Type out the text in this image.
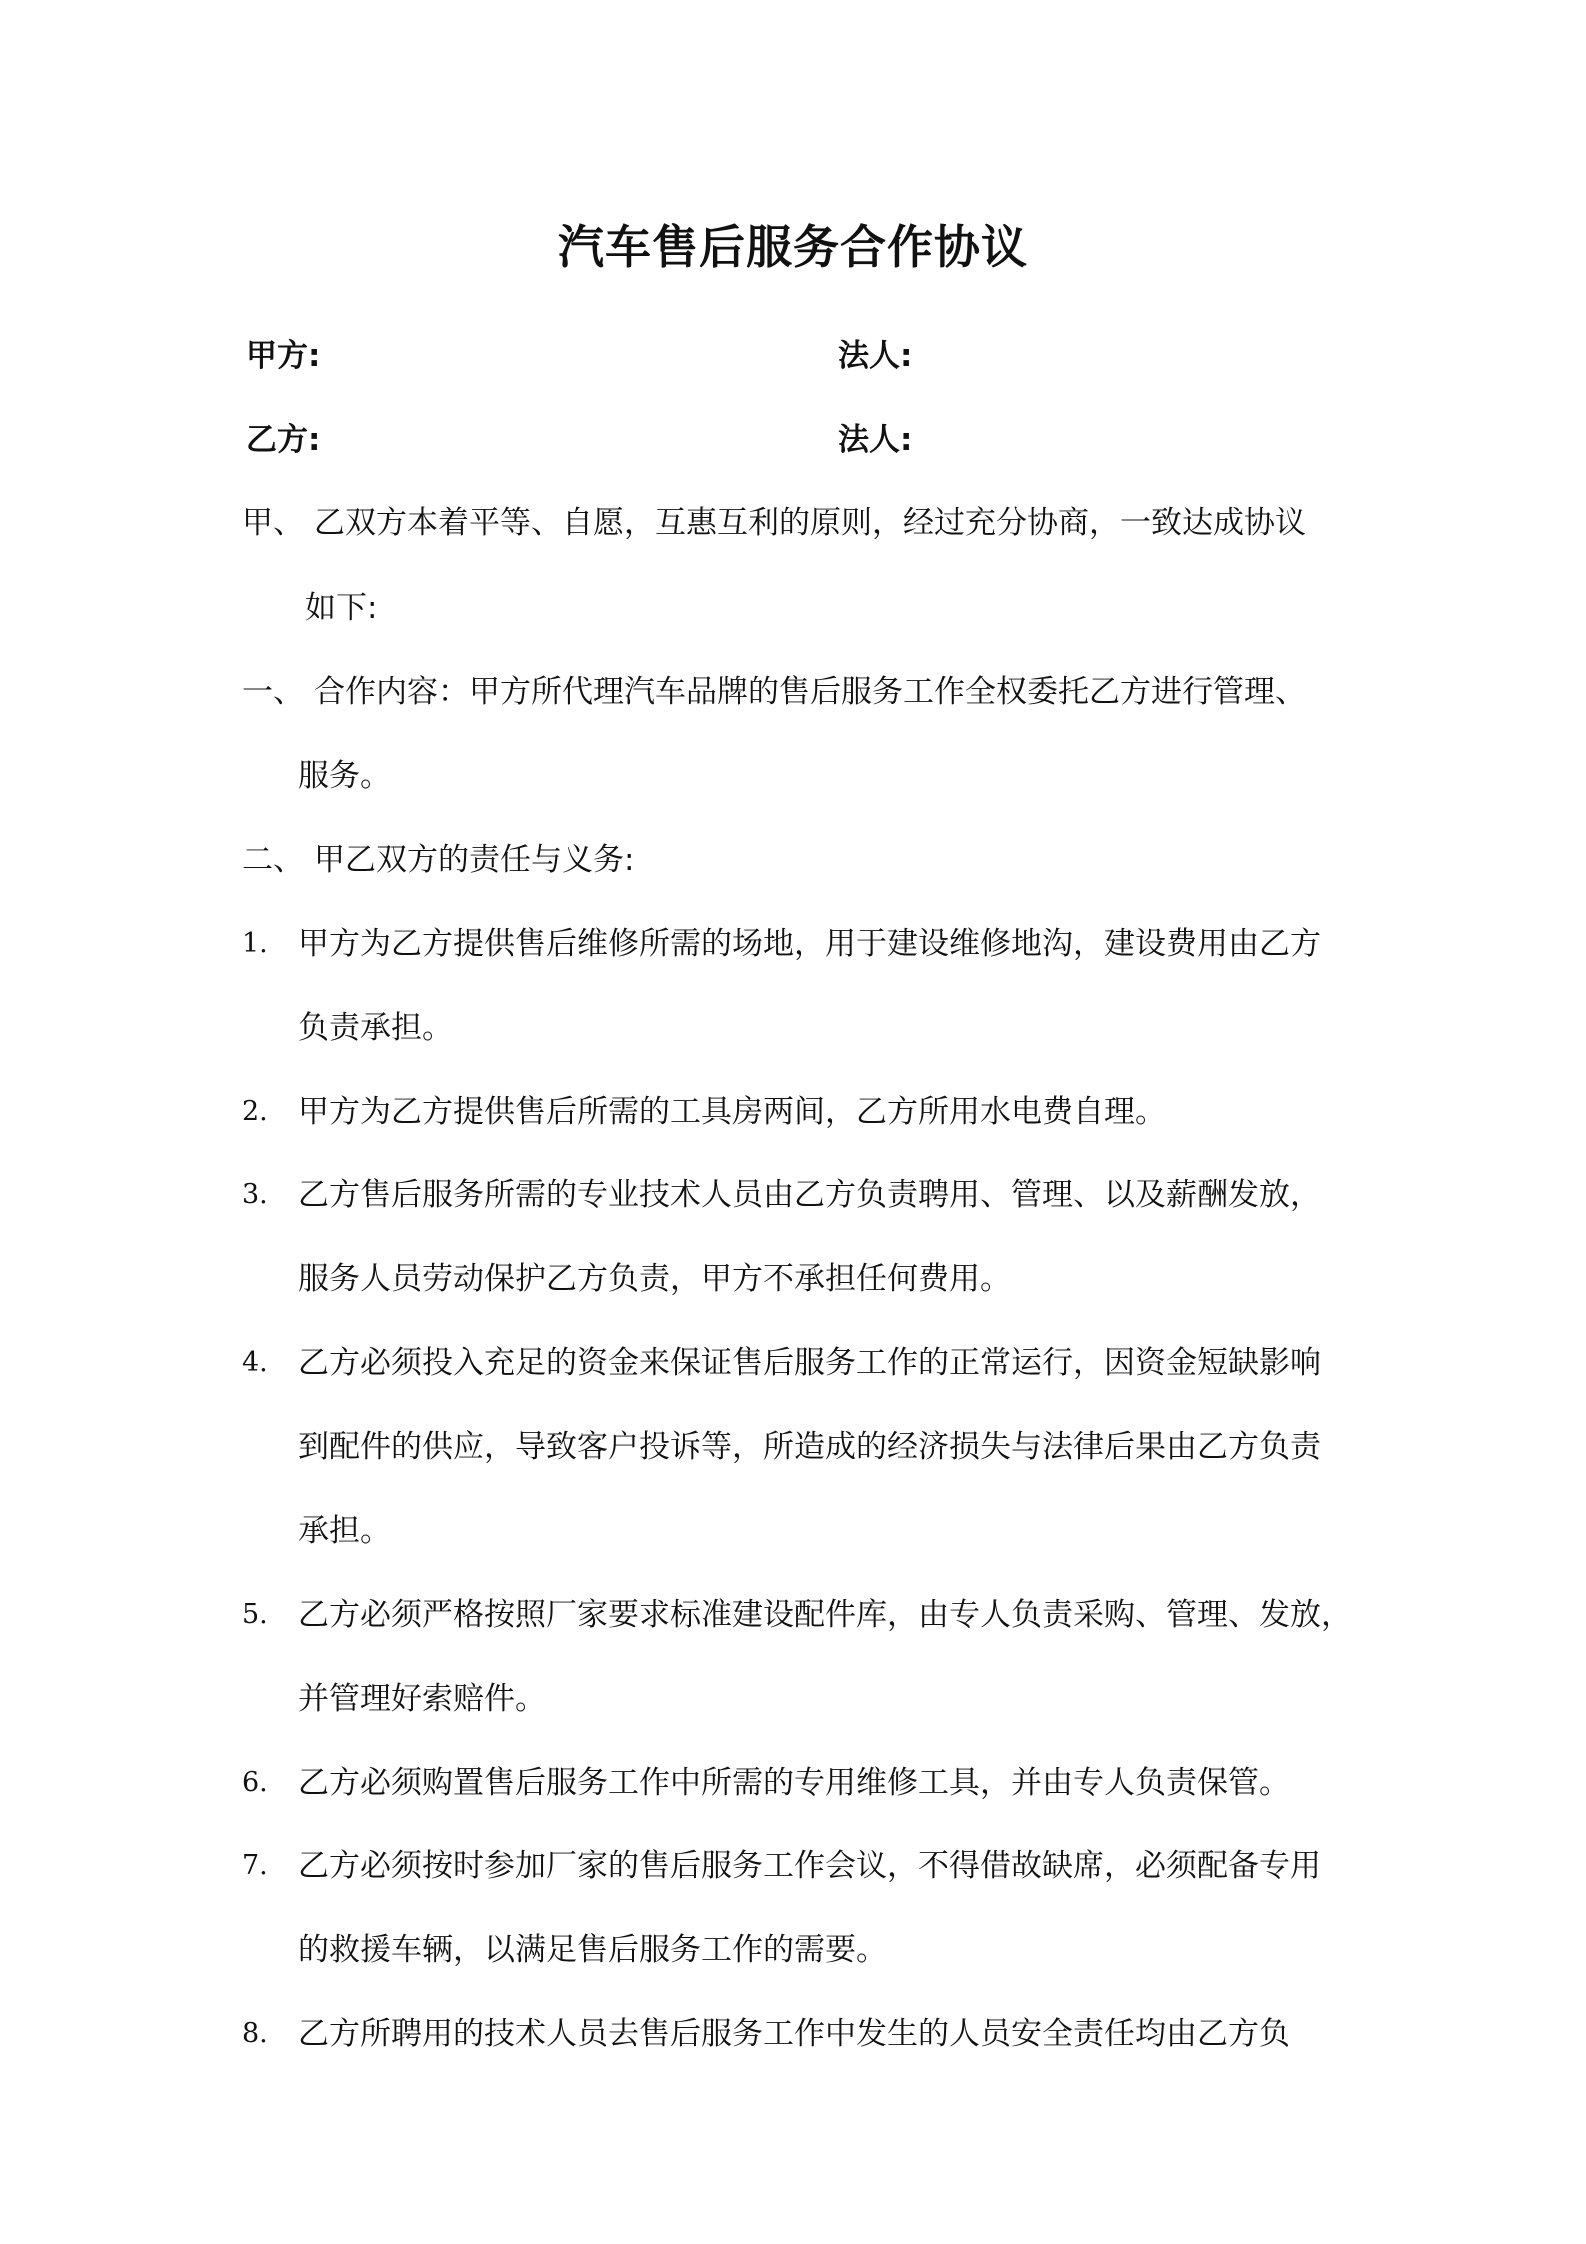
汽车售后服务合作协议
甲方:	法人:
乙方:	法人:
甲、 乙双方本着平等、自愿，互惠互利的原则，经过充分协商，一致达成协议
如下:
一、 合作内容：甲方所代理汽车品牌的售后服务工作全权委托乙方进行管理、
服务。
二、 甲乙双方的责任与义务:
1. 甲方为乙方提供售后维修所需的场地，用于建设维修地沟，建设费用由乙方
负责承担。
2. 甲方为乙方提供售后所需的工具房两间，乙方所用水电费自理。
3. 乙方售后服务所需的专业技术人员由乙方负责聘用、管理、以及薪酬发放，
服务人员劳动保护乙方负责，甲方不承担任何费用。
4. 乙方必须投入充足的资金来保证售后服务工作的正常运行，因资金短缺影响
到配件的供应，导致客户投诉等，所造成的经济损失与法律后果由乙方负责
承担。
5. 乙方必须严格按照厂家要求标准建设配件库，由专人负责采购、管理、发放，
并管理好索赔件。
6. 乙方必须购置售后服务工作中所需的专用维修工具，并由专人负责保管。
7. 乙方必须按时参加厂家的售后服务工作会议，不得借故缺席，必须配备专用
的救援车辆，以满足售后服务工作的需要。
8. 乙方所聘用的技术人员去售后服务工作中发生的人员安全责任均由乙方负
